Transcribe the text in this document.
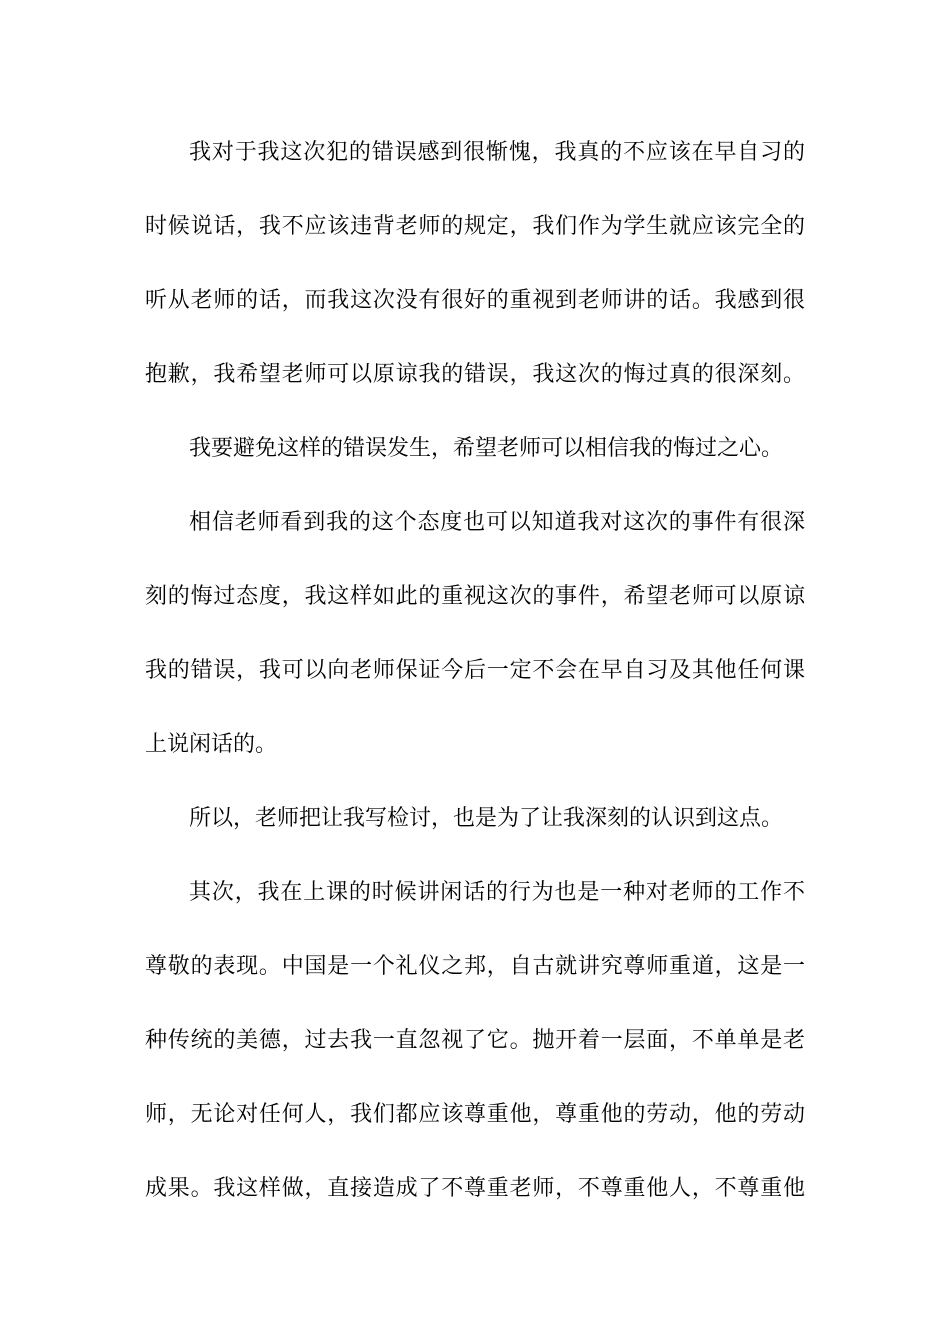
我对于我这次犯的错误感到很惭愧，我真的不应该在早自习的
时候说话，我不应该违背老师的规定，我们作为学生就应该完全的
听从老师的话，而我这次没有很好的重视到老师讲的话。我感到很
抱歉，我希望老师可以原谅我的错误，我这次的悔过真的很深刻。
我要避免这样的错误发生，希望老师可以相信我的悔过之心。
相信老师看到我的这个态度也可以知道我对这次的事件有很深
刻的悔过态度，我这样如此的重视这次的事件，希望老师可以原谅
我的错误，我可以向老师保证今后一定不会在早自习及其他任何课
上说闲话的。
所以，老师把让我写检讨，也是为了让我深刻的认识到这点。
其次，我在上课的时候讲闲话的行为也是一种对老师的工作不
尊敬的表现。中国是一个礼仪之邦，自古就讲究尊师重道，这是一
种传统的美德，过去我一直忽视了它。抛开着一层面，不单单是老
师，无论对任何人，我们都应该尊重他，尊重他的劳动，他的劳动
成果。我这样做，直接造成了不尊重老师，不尊重他人，不尊重他
